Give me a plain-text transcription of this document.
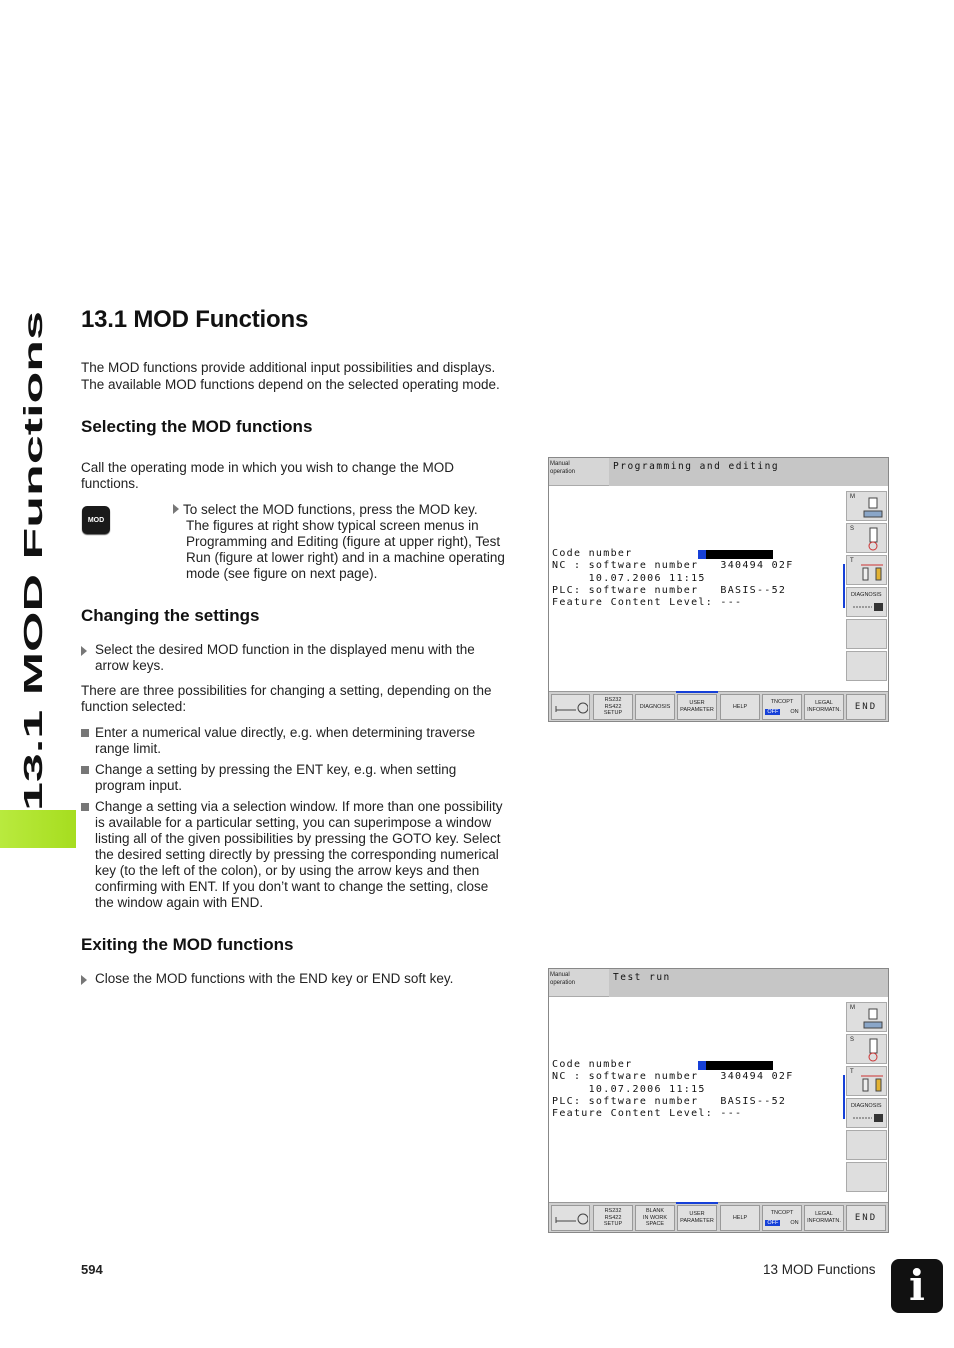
13.1 MOD Functions
13.1 MOD Functions

The MOD functions provide additional input possibilities and displays.

The available MOD functions depend on the selected operating mode.

Selecting the MOD functions

Call the operating mode in which you wish to change the MOD

functions.

MOD
To select the MOD functions, press the MOD key.
The figures at right show typical screen menus in
Programming and Editing (figure at upper right), Test
Run (figure at lower right) and in a machine operating
mode (see figure on next page).
Changing the settings
Select the desired MOD function in the displayed menu with the
arrow keys.

There are three possibilities for changing a setting, depending on the

function selected:

Enter a numerical value directly, e.g. when determining traverse
range limit.
Change a setting by pressing the ENT key, e.g. when setting
program input.
Change a setting via a selection window. If more than one possibility
is available for a particular setting, you can superimpose a window
listing all of the given possibilities by pressing the GOTO key. Select
the desired setting directly by pressing the corresponding numerical
key (to the left of the colon), or by using the arrow keys and then
confirming with ENT. If you don’t want to change the setting, close
the window again with END.
Exiting the MOD functions
Close the MOD functions with the END key or END soft key.
Manual
operation	Programming and editing
Code number
NC : software number   340494 02F
10.07.2006 11:15
PLC: software number   BASIS--52
Feature Content Level: ---
M
S
T
DIAGNOSIS
RS232
RS422
SETUP
DIAGNOSIS
USER
PARAMETER
HELP
TNCOPT
OFF	ON
LEGAL
INFORMATN.	END
Manual
operation	Test run
Code number
NC : software number   340494 02F
10.07.2006 11:15
PLC: software number   BASIS--52
Feature Content Level: ---
M
S
T
DIAGNOSIS
RS232
RS422
SETUP
BLANK
IN WORK
SPACE
USER
PARAMETER
HELP
TNCOPT
OFF	ON
LEGAL
INFORMATN.	END
594	13 MOD Functions i
